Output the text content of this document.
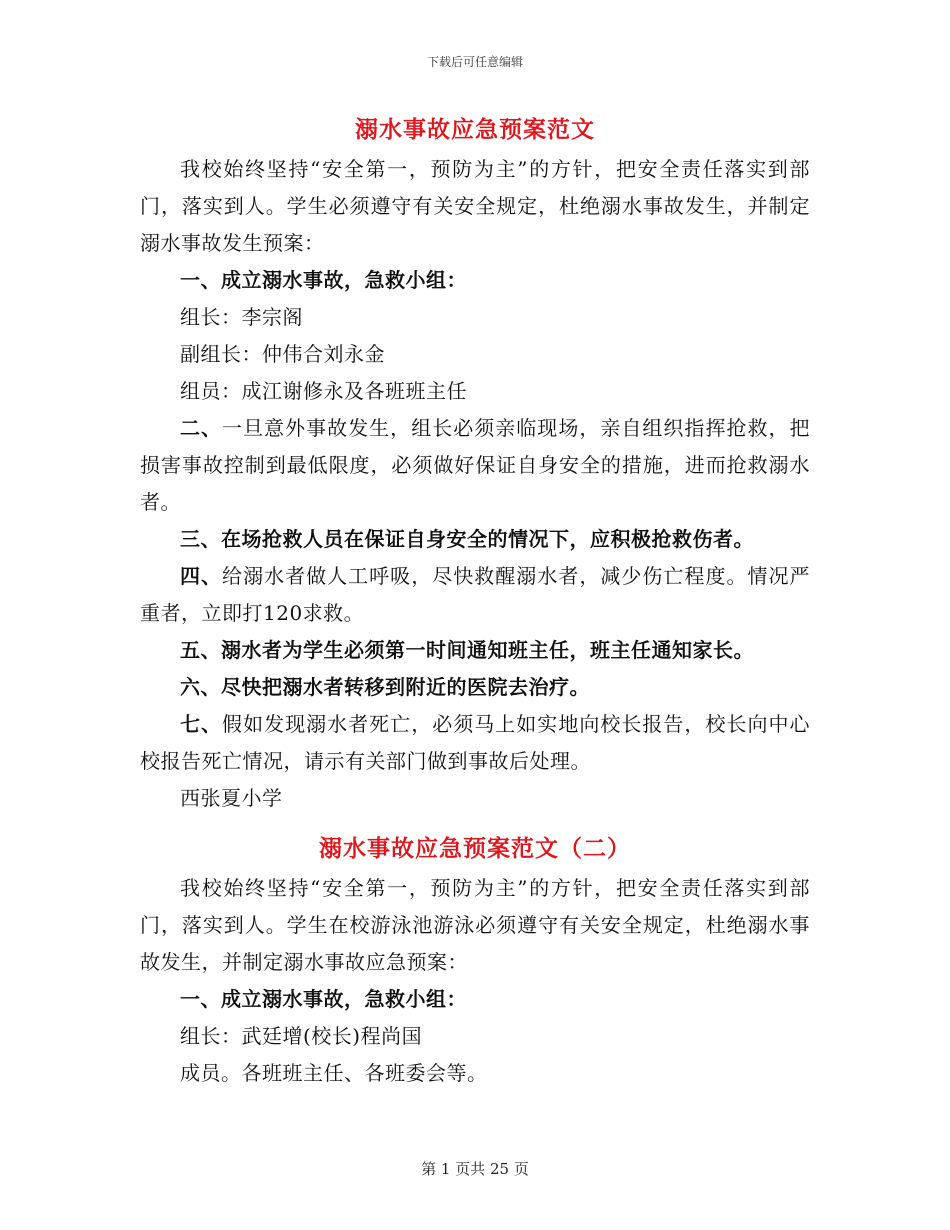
下载后可任意编辑
溺水事故应急预案范文

我校始终坚持“安全第一，预防为主”的方针，把安全责任落实到部门，落实到人。学生必须遵守有关安全规定，杜绝溺水事故发生，并制定溺水事故发生预案：

一、成立溺水事故，急救小组：

组长：李宗阁

副组长：仲伟合刘永金

组员：成江谢修永及各班班主任

二、一旦意外事故发生，组长必须亲临现场，亲自组织指挥抢救，把损害事故控制到最低限度，必须做好保证自身安全的措施，进而抢救溺水者。

三、在场抢救人员在保证自身安全的情况下，应积极抢救伤者。

四、给溺水者做人工呼吸，尽快救醒溺水者，减少伤亡程度。情况严重者，立即打120求救。

五、溺水者为学生必须第一时间通知班主任，班主任通知家长。

六、尽快把溺水者转移到附近的医院去治疗。

七、假如发现溺水者死亡，必须马上如实地向校长报告，校长向中心校报告死亡情况，请示有关部门做到事故后处理。

西张夏小学

溺水事故应急预案范文（二）

我校始终坚持“安全第一，预防为主”的方针，把安全责任落实到部门，落实到人。学生在校游泳池游泳必须遵守有关安全规定，杜绝溺水事故发生，并制定溺水事故应急预案：

一、成立溺水事故，急救小组：

组长：武廷增(校长)程尚国

成员。各班班主任、各班委会等。

第 1 页共 25 页
